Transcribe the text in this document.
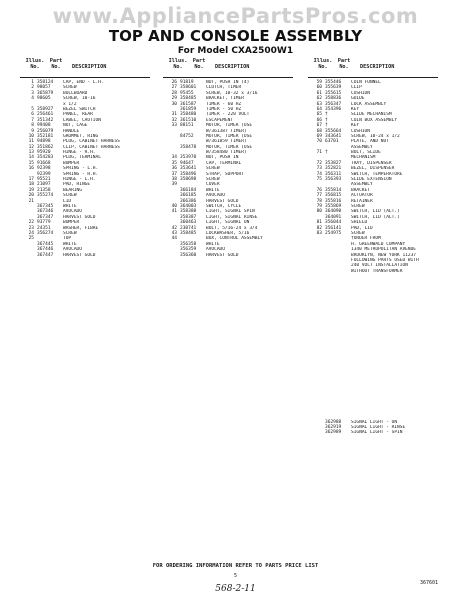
www.AppliancePartsPros.com
TOP AND CONSOLE ASSEMBLY
For Model CXA2500W1
Illus.
No.
Part
No.	DESCRIPTION
1 358124	CAP, END - L.H.
2 98057	SCREW
3 365879	BULLBOARD
4 98605	SCREW, 10-16
x 1/2
5 358927	BEZEL SWITCH
6 256461	PANEL, REAR
7 351342	LABEL, CAUTION
8 99408	NUT, CAGE
9 256079	HANDLE
10 352181	GROMMET, RING
11 94898	PLUG, CABINET HARNESS
12 351862	CLIP, CABINET HARNESS
13 95920	HINGE - R.H.
14 354283	PLUG, TERMINAL
15 91668	BUMPER
16 92398	SPRING - L.H.
92399	SPRING - R.H.
17 95521	HINGE - L.H.
18 21097	PAD, HINGE
19 21358	BEARING
20 355274	SCREW
21	LID
367345	WHITE
367346	AVOCADO
367347	HARVEST GOLD
22 93779	BUMPER
23 24351	WASHER, FIBRE
24 356274	SCREW
25	TOP
367445	WHITE
367446	AVOCADO
367447	HARVEST GOLD
Illus.
No.
Part
No.	DESCRIPTION
26 91819	NUT, PUSH IN (4)
27 358601	CLUTCH, TIMER
28 95455	SCREW, 10-32 x 3/16
29 358485	BRACKET, TIMER
30 361587	TIMER - 60 HZ
361859	TIMER - 50 HZ
31 358480	TIMER - 220 VOLT
32 361510	ESCAPEMENT
33 88151	MOTOR, TIMER (USE
W/361387 TIMER)
84752	MOTOR, TIMER (USE
W/361859 TIMER)
358478	MOTOR, TIMER (USE
W/358480 TIMER)
34 353970	NUT, PUSH IN
35 94647	CAP, TERMINAL
36 353641	SCREW
37 358496	STRAP, SUPPORT
38 358698	SCREW
39	COVER
366184	WHITE
366185	AVOCADO
366386	HARVEST GOLD
40 364003	SWITCH, CYCLE
41 358388	LIGHT, SIGNAL SPIN
358387	LIGHT, SIGNAL RINSE
360463	LIGHT, SIGNAL ON
42 230741	BOLT, 5/16-24 x 3/4
43 358485	LOCKWASHER, 5/16
44	BOX, CONTROL ASSEMBLY
356358	WHITE
356359	AVOCADO
356360	HARVEST GOLD
Illus.
No.
Part
No.	DESCRIPTION
59 355446	COIN FUNNEL
60 355639	CLIP
61 355615	CUSHION
62 358836	GUIDE
63 356347	LOCK ASSEMBLY
64 354396	KEY
65 †	SLIDE MECHANISM
66 †	COIN BOX ASSEMBLY
67 †	KEY
68 355664	CUSHION
69 343641	SCREW, 10-24 x 1/2
70 63701	PLATE, AND NUT
ASSEMBLY
71 †	BOLT, SLIDE
MECHANISM
72 353827	TRAY, DISPENSER
73 352821	BEZEL, DISPENSER
74 356311	SWITCH, TEMPERATURE
75 356393	SLIDE EXTENSION
ASSEMBLY
76 355814	BRACKET
77 356815	ACTUATOR
78 355816	RETAINER
79 355869	SCREW
80 364090	SWITCH, LID (ALT.)
364091	SWITCH, LID (ALT.)
81 356044	SHIELD
82 356141	PAD, LID
83 254975	SCREW
†ORDER FROM
H. GREENWALD COMPANY
1340 METROPOLITAN AVENUE
BROOKLYN, NEW YORK 11237
FOLLOWING PARTS USED WITH
240 VOLT INSTALLATION
WITHOUT TRANSFORMER
362988	SIGNAL LIGHT - ON
362919	SIGNAL LIGHT - RINSE
362989	SIGNAL LIGHT - SPIN
FOR ORDERING INFORMATION REFER TO PARTS PRICE LIST
5
367601
568-2-11
